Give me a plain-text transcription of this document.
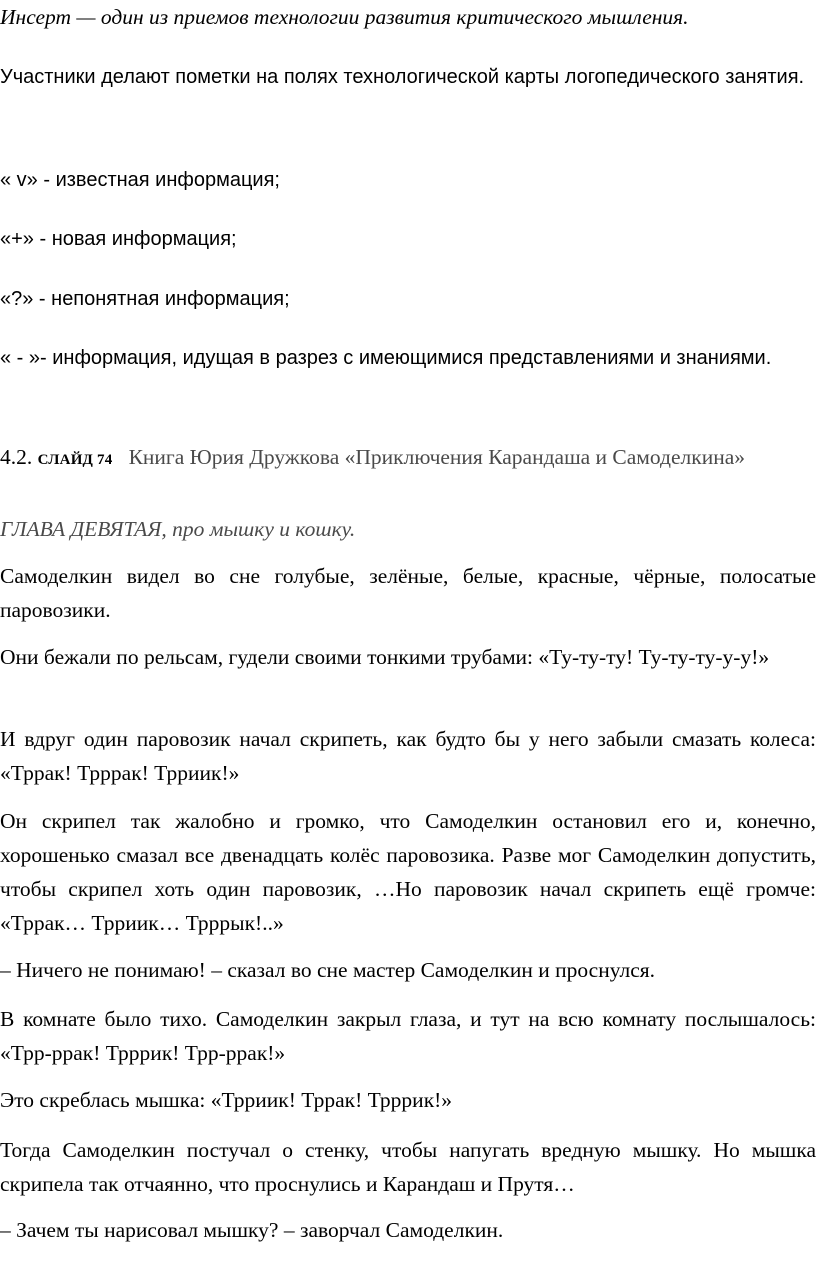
Инсерт — один из приемов технологии развития критического мышления.

Участники делают пометки на полях технологической карты логопедического занятия.

« v» - известная информация;

«+» - новая информация;

«?» - непонятная информация;

« - »- информация, идущая в разрез с имеющимися представлениями и знаниями.

4.2. СЛАЙД 74 Книга Юрия Дружкова «Приключения Карандаша и Самоделкина»

ГЛАВА ДЕВЯТАЯ, про мышку и кошку.

Самоделкин видел во сне голубые, зелёные, белые, красные, чёрные, полосатые паровозики.

Они бежали по рельсам, гудели своими тонкими трубами: «Ту-ту-ту! Ту-ту-ту-у-у!»

И вдруг один паровозик начал скрипеть, как будто бы у него забыли смазать колеса: «Тррак! Трррак! Трриик!»

Он скрипел так жалобно и громко, что Самоделкин остановил его и, конечно, хорошенько смазал все двенадцать колёс паровозика. Разве мог Самоделкин допустить, чтобы скрипел хоть один паровозик, …Но паровозик начал скрипеть ещё громче: «Тррак… Трриик… Трррык!..»

– Ничего не понимаю! – сказал во сне мастер Самоделкин и проснулся.

В комнате было тихо. Самоделкин закрыл глаза, и тут на всю комнату послышалось: «Трр-ррак! Трррик! Трр-ррак!»

Это скреблась мышка: «Трриик! Тррак! Трррик!»

Тогда Самоделкин постучал о стенку, чтобы напугать вредную мышку. Но мышка скрипела так отчаянно, что проснулись и Карандаш и Прутя…

– Зачем ты нарисовал мышку? – заворчал Самоделкин.
